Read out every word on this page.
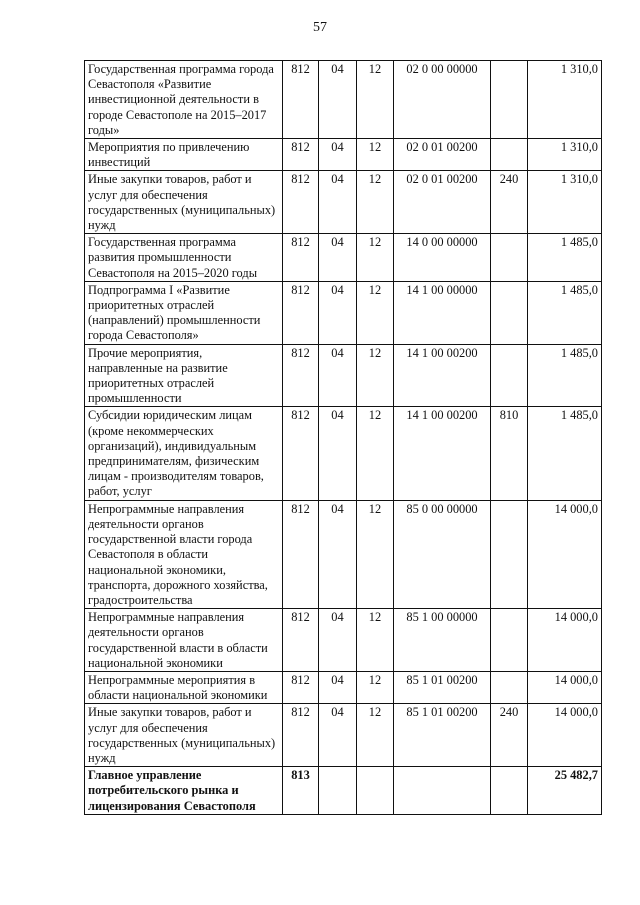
57
Государственная программа города Севастополя «Развитие инвестиционной деятельности в городе Севастополе на 2015–2017 годы»	812	04	12	02 0 00 00000		1 310,0
Мероприятия по привлечению инвестиций	812	04	12	02 0 01 00200		1 310,0
Иные закупки товаров, работ и услуг для обеспечения государственных (муниципальных) нужд	812	04	12	02 0 01 00200	240	1 310,0
Государственная программа развития промышленности Севастополя на 2015–2020 годы	812	04	12	14 0 00 00000		1 485,0
Подпрограмма I «Развитие приоритетных отраслей (направлений) промышленности города Севастополя»	812	04	12	14 1 00 00000		1 485,0
Прочие мероприятия, направленные на развитие приоритетных отраслей промышленности	812	04	12	14 1 00 00200		1 485,0
Субсидии юридическим лицам (кроме некоммерческих организаций), индивидуальным предпринимателям, физическим лицам - производителям товаров, работ, услуг	812	04	12	14 1 00 00200	810	1 485,0
Непрограммные направления деятельности органов государственной власти города Севастополя в области национальной экономики, транспорта, дорожного хозяйства, градостроительства	812	04	12	85 0 00 00000		14 000,0
Непрограммные направления деятельности органов государственной власти в области национальной экономики	812	04	12	85 1 00 00000		14 000,0
Непрограммные мероприятия в области национальной экономики	812	04	12	85 1 01 00200		14 000,0
Иные закупки товаров, работ и услуг для обеспечения государственных (муниципальных) нужд	812	04	12	85 1 01 00200	240	14 000,0
Главное управление потребительского рынка и лицензирования Севастополя	813					25 482,7
